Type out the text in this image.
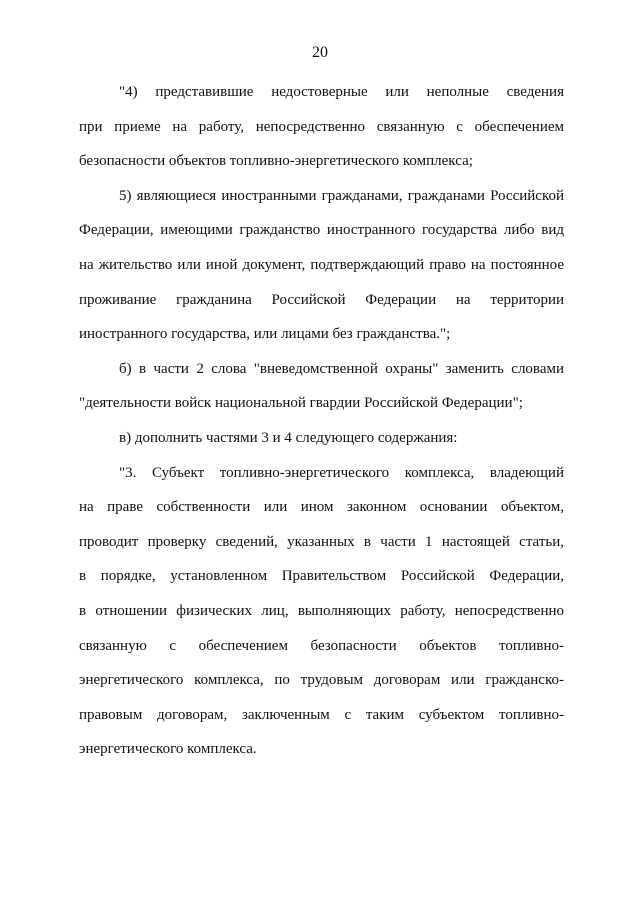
20
"4) представившие недостоверные или неполные сведения
при приеме на работу, непосредственно связанную с обеспечением
безопасности объектов топливно-энергетического комплекса;
5) являющиеся иностранными гражданами, гражданами Российской
Федерации, имеющими гражданство иностранного государства либо вид
на жительство или иной документ, подтверждающий право на постоянное
проживание гражданина Российской Федерации на территории
иностранного государства, или лицами без гражданства.";
б) в части 2 слова "вневедомственной охраны" заменить словами
"деятельности войск национальной гвардии Российской Федерации";
в) дополнить частями 3 и 4 следующего содержания:
"3. Субъект топливно-энергетического комплекса, владеющий
на праве собственности или ином законном основании объектом,
проводит проверку сведений, указанных в части 1 настоящей статьи,
в порядке, установленном Правительством Российской Федерации,
в отношении физических лиц, выполняющих работу, непосредственно
связанную с обеспечением безопасности объектов топливно-
энергетического комплекса, по трудовым договорам или гражданско-
правовым договорам, заключенным с таким субъектом топливно-
энергетического комплекса.
